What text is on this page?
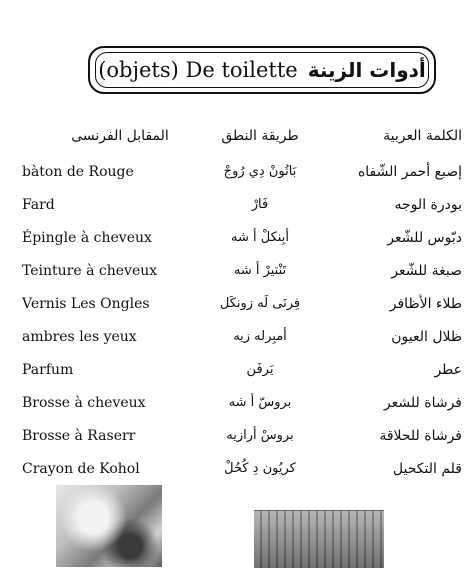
(objets) De toilette أدوات الزينة
المقابل الفرنسى	طريقة النطق	الكلمة العربية
bàton de Rouge	بَاتُونْ دِي رُوجْ	إصبع أحمر الشّفاه
Fard	فَارْ	بودرة الوجه
Épingle à cheveux	أبِنكلْ أ شه	دبّوس للشّعر
Teinture à cheveux	تَنْتيرْ أ شه	صبغة للشّعر
Vernis Les Ongles	فِرنَى لَه زونكَل	طلاء الأظافر
ambres les yeux	أمبِرله زيه	ظلال العيون
Parfum	يَرفَن	عطر
Brosse à cheveux	بروسّ أ شه	فرشاة للشعر
Brosse à Raserr	بروسْ أرازيه	فرشاة للحلاقة
Crayon de Kohol	كريُون دِ كُحُلْ	قلم التكحيل
